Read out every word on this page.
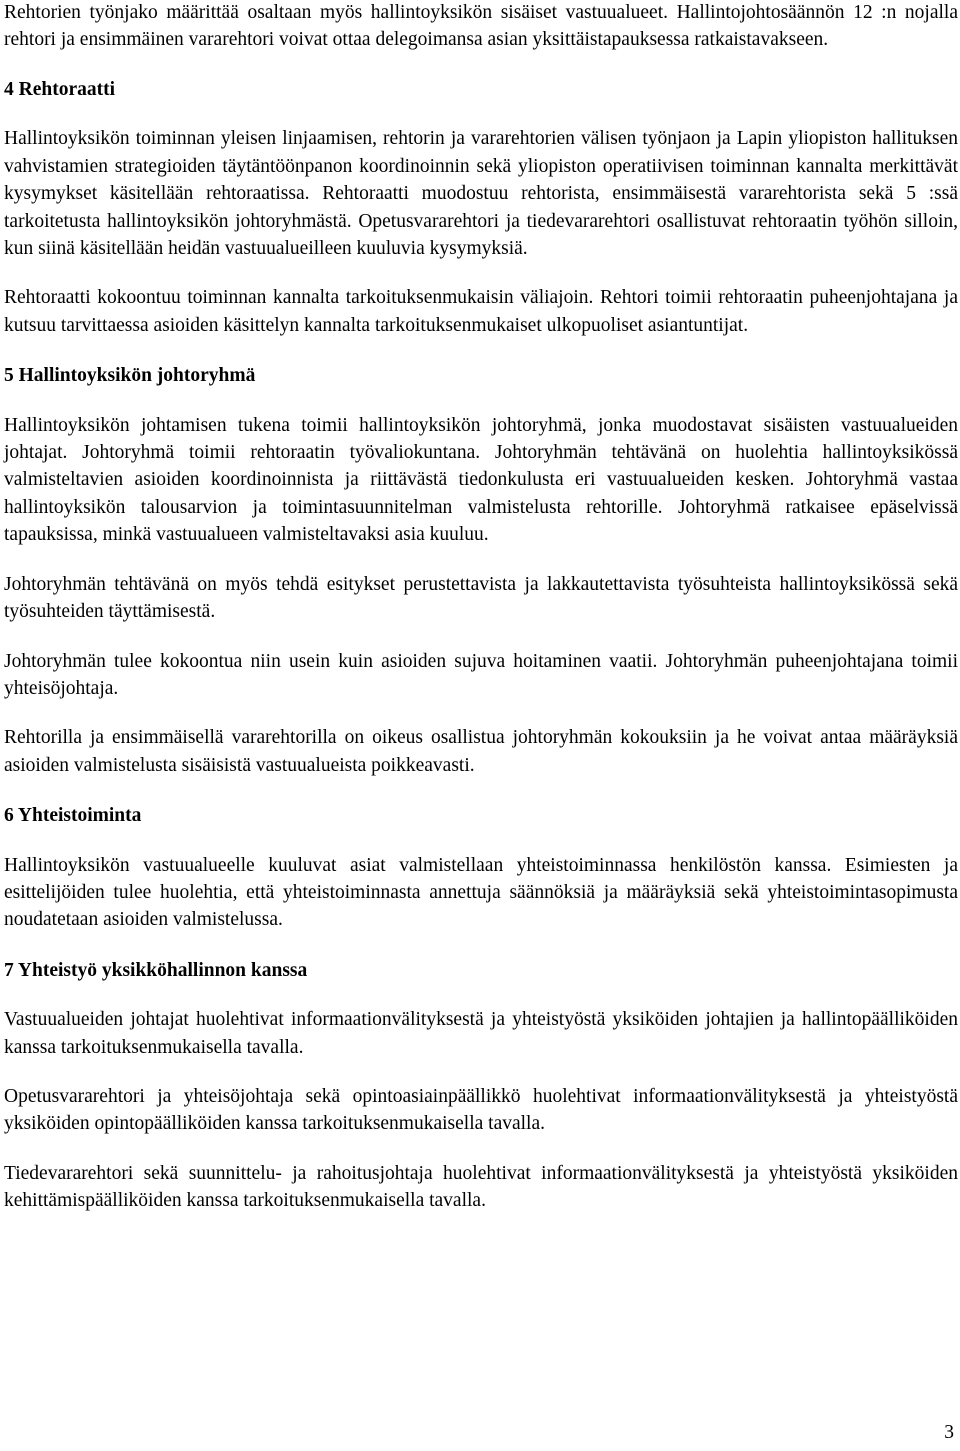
Rehtorien työnjako määrittää osaltaan myös hallintoyksikön sisäiset vastuualueet. Hallintojohtosäännön 12 :n nojalla rehtori ja ensimmäinen vararehtori voivat ottaa delegoimansa asian yksittäistapauksessa ratkaistavakseen.

4 Rehtoraatti

Hallintoyksikön toiminnan yleisen linjaamisen, rehtorin ja vararehtorien välisen työnjaon ja Lapin yliopiston hallituksen vahvistamien strategioiden täytäntöönpanon koordinoinnin sekä yliopiston operatiivisen toiminnan kannalta merkittävät kysymykset käsitellään rehtoraatissa. Rehtoraatti muodostuu rehtorista, ensimmäisestä vararehtorista sekä 5 :ssä tarkoitetusta hallintoyksikön johtoryhmästä. Opetusvararehtori ja tiedevararehtori osallistuvat rehtoraatin työhön silloin, kun siinä käsitellään heidän vastuualueilleen kuuluvia kysymyksiä.

Rehtoraatti kokoontuu toiminnan kannalta tarkoituksenmukaisin väliajoin. Rehtori toimii rehtoraatin puheenjohtajana ja kutsuu tarvittaessa asioiden käsittelyn kannalta tarkoituksenmukaiset ulkopuoliset asiantuntijat.

5 Hallintoyksikön johtoryhmä

Hallintoyksikön johtamisen tukena toimii hallintoyksikön johtoryhmä, jonka muodostavat sisäisten vastuualueiden johtajat. Johtoryhmä toimii rehtoraatin työvaliokuntana. Johtoryhmän tehtävänä on huolehtia hallintoyksikössä valmisteltavien asioiden koordinoinnista ja riittävästä tiedonkulusta eri vastuualueiden kesken. Johtoryhmä vastaa hallintoyksikön talousarvion ja toimintasuunnitelman valmistelusta rehtorille. Johtoryhmä ratkaisee epäselvissä tapauksissa, minkä vastuualueen valmisteltavaksi asia kuuluu.

Johtoryhmän tehtävänä on myös tehdä esitykset perustettavista ja lakkautettavista työsuhteista hallintoyksikössä sekä työsuhteiden täyttämisestä.

Johtoryhmän tulee kokoontua niin usein kuin asioiden sujuva hoitaminen vaatii. Johtoryhmän puheenjohtajana toimii yhteisöjohtaja.

Rehtorilla ja ensimmäisellä vararehtorilla on oikeus osallistua johtoryhmän kokouksiin ja he voivat antaa määräyksiä asioiden valmistelusta sisäisistä vastuualueista poikkeavasti.

6 Yhteistoiminta

Hallintoyksikön vastuualueelle kuuluvat asiat valmistellaan yhteistoiminnassa henkilöstön kanssa. Esimiesten ja esittelijöiden tulee huolehtia, että yhteistoiminnasta annettuja säännöksiä ja määräyksiä sekä yhteistoimintasopimusta noudatetaan asioiden valmistelussa.

7 Yhteistyö yksikköhallinnon kanssa

Vastuualueiden johtajat huolehtivat informaationvälityksestä ja yhteistyöstä yksiköiden johtajien ja hallintopäälliköiden kanssa tarkoituksenmukaisella tavalla.

Opetusvararehtori ja yhteisöjohtaja sekä opintoasiainpäällikkö huolehtivat informaationvälityksestä ja yhteistyöstä yksiköiden opintopäälliköiden kanssa tarkoituksenmukaisella tavalla.

Tiedevararehtori sekä suunnittelu- ja rahoitusjohtaja huolehtivat informaationvälityksestä ja yhteistyöstä yksiköiden kehittämispäälliköiden kanssa tarkoituksenmukaisella tavalla.

3
